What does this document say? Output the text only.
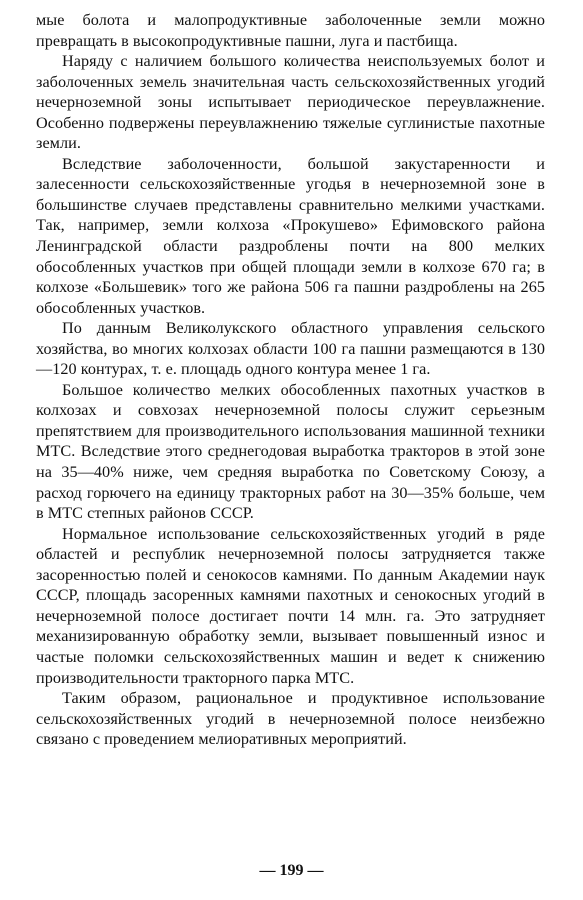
мые болота и малопродуктивные заболоченные земли можно превращать в высокопродуктивные пашни, луга и пастбища.

Наряду с наличием большого количества неиспользуемых болот и заболоченных земель значительная часть сельскохозяйственных угодий нечерноземной зоны испытывает периодическое переувлажнение. Особенно подвержены переувлажнению тяжелые суглинистые пахотные земли.

Вследствие заболоченности, большой закустаренности и залесенности сельскохозяйственные угодья в нечерноземной зоне в большинстве случаев представлены сравнительно мелкими участками. Так, например, земли колхоза «Прокушево» Ефимовского района Ленинградской области раздроблены почти на 800 мелких обособленных участков при общей площади земли в колхозе 670 га; в колхозе «Большевик» того же района 506 га пашни раздроблены на 265 обособленных участков.

По данным Великолукского областного управления сельского хозяйства, во многих колхозах области 100 га пашни размещаются в 130—120 контурах, т. е. площадь одного контура менее 1 га.

Большое количество мелких обособленных пахотных участков в колхозах и совхозах нечерноземной полосы служит серьезным препятствием для производительного использования машинной техники МТС. Вследствие этого среднегодовая выработка тракторов в этой зоне на 35—40% ниже, чем средняя выработка по Советскому Союзу, а расход горючего на единицу тракторных работ на 30—35% больше, чем в МТС степных районов СССР.

Нормальное использование сельскохозяйственных угодий в ряде областей и республик нечерноземной полосы затрудняется также засоренностью полей и сенокосов камнями. По данным Академии наук СССР, площадь засоренных камнями пахотных и сенокосных угодий в нечерноземной полосе достигает почти 14 млн. га. Это затрудняет механизированную обработку земли, вызывает повышенный износ и частые поломки сельскохозяйственных машин и ведет к снижению производительности тракторного парка МТС.

Таким образом, рациональное и продуктивное использование сельскохозяйственных угодий в нечерноземной полосе неизбежно связано с проведением мелиоративных мероприятий.

— 199 —
